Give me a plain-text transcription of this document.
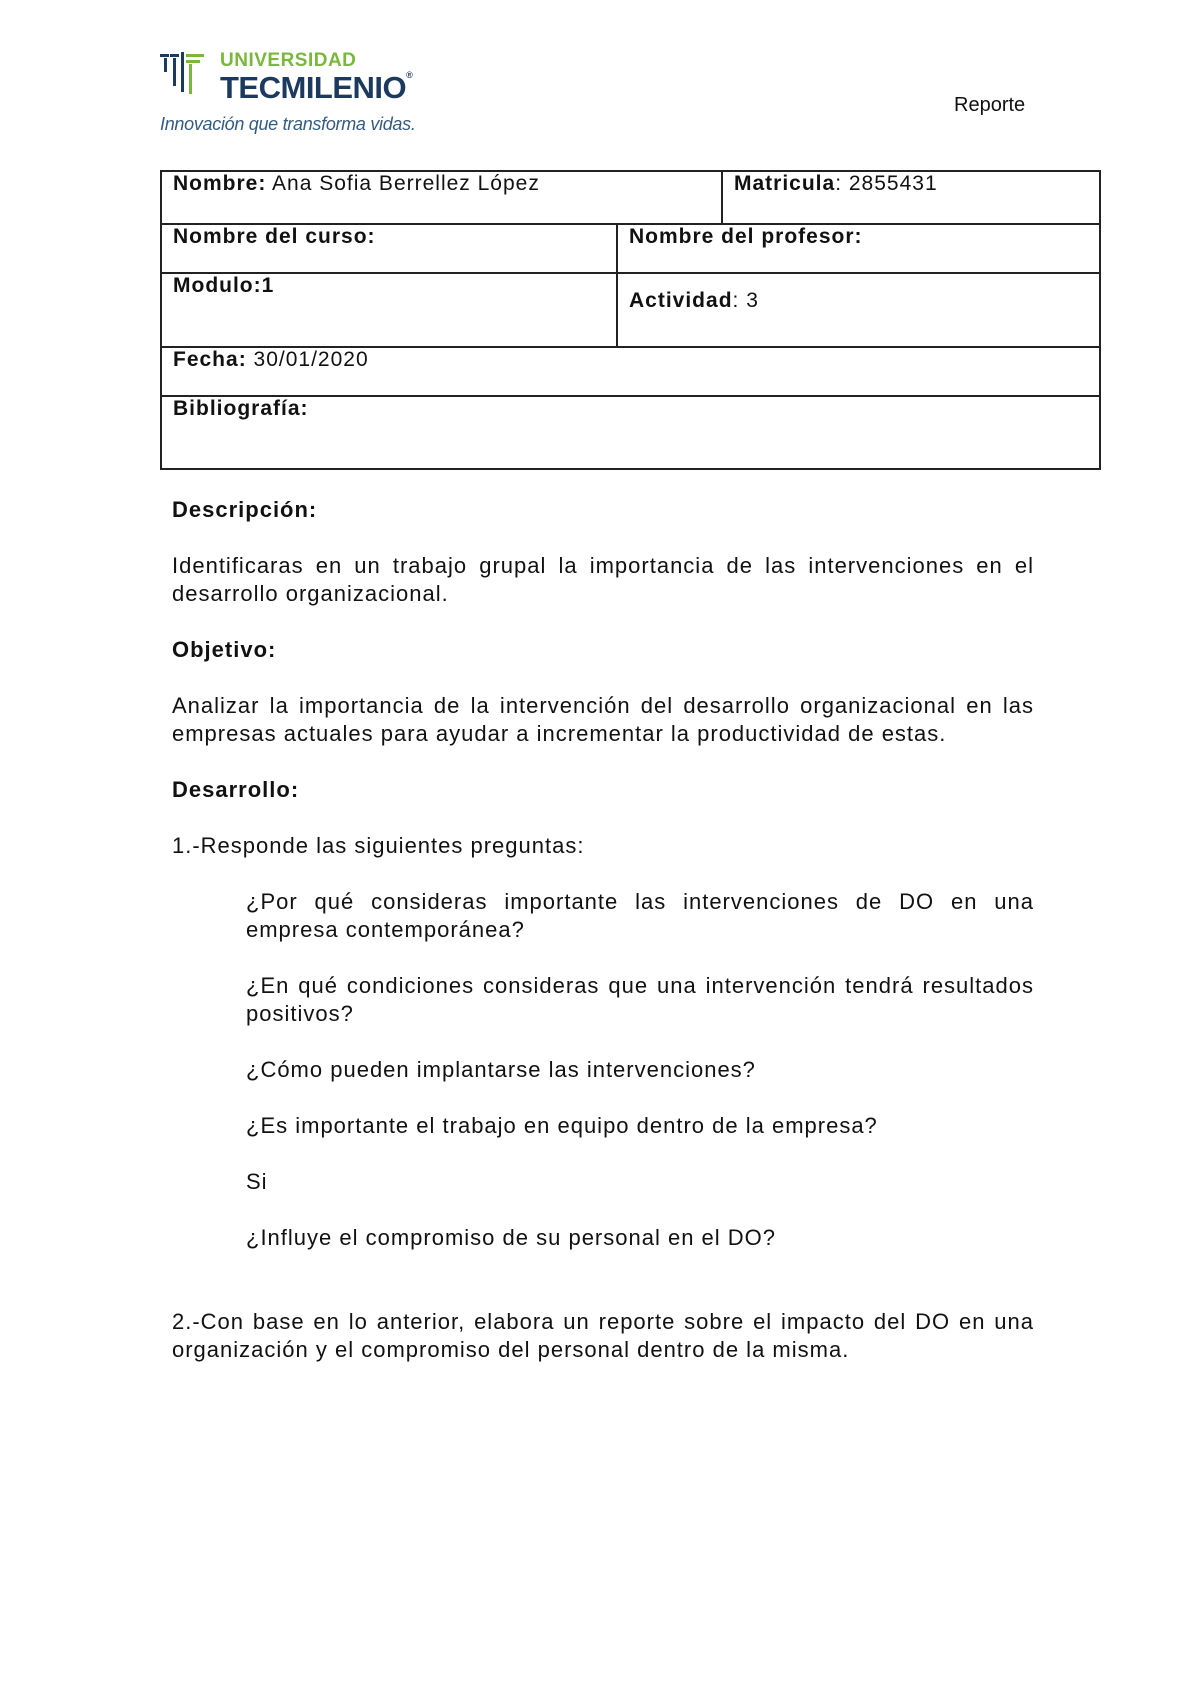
UNIVERSIDAD
TECMILENIO®
Innovación que transforma vidas.
Reporte
Nombre: Ana Sofia Berrellez López		Matricula: 2855431
Nombre del curso:	Nombre del profesor:	
Modulo:1	Actividad: 3	
Fecha: 30/01/2020		
Bibliografía:		

Descripción:

Identificaras en un trabajo grupal la importancia de las intervenciones en el desarrollo organizacional.

Objetivo:

Analizar la importancia de la intervención del desarrollo organizacional en las empresas actuales para ayudar a incrementar la productividad de estas.

Desarrollo:

1.-Responde las siguientes preguntas:

¿Por qué consideras importante las intervenciones de DO en una empresa contemporánea?

¿En qué condiciones consideras que una intervención tendrá resultados positivos?

¿Cómo pueden implantarse las intervenciones?

¿Es importante el trabajo en equipo dentro de la empresa?

Si

¿Influye el compromiso de su personal en el DO?

2.-Con base en lo anterior, elabora un reporte sobre el impacto del DO en una organización y el compromiso del personal dentro de la misma.
